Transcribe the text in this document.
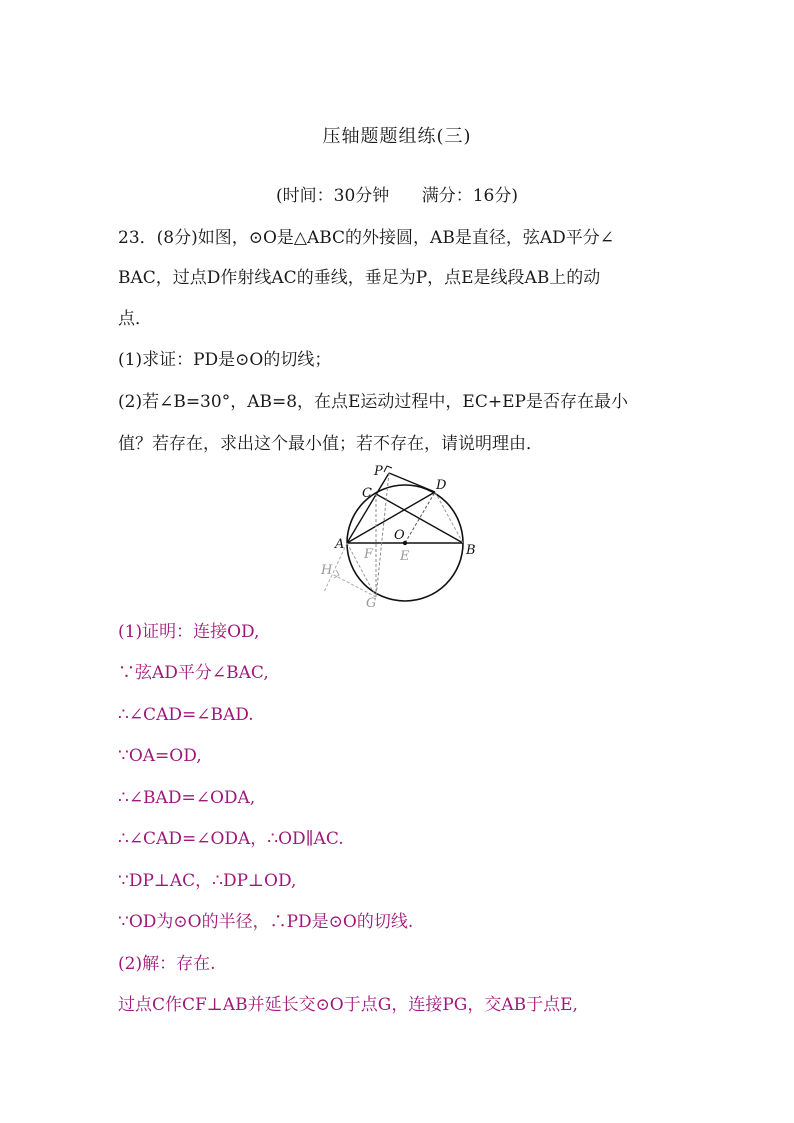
压轴题题组练(三)
(时间：30分钟      满分：16分)
23．(8分)如图，⊙O是△ABC的外接圆，AB是直径，弦AD平分∠
BAC，过点D作射线AC的垂线，垂足为P，点E是线段AB上的动
点．
(1)求证：PD是⊙O的切线；
(2)若∠B=30°，AB=8，在点E运动过程中，EC+EP是否存在最小
值？若存在，求出这个最小值；若不存在，请说明理由．
P
C
D
O
A	B
F E
H
G
(1)证明：连接OD,
∵弦AD平分∠BAC,
∴∠CAD=∠BAD.
∵OA=OD,
∴∠BAD=∠ODA,
∴∠CAD=∠ODA，∴OD∥AC.
∵DP⊥AC，∴DP⊥OD,
∵OD为⊙O的半径，∴PD是⊙O的切线.
(2)解：存在.
过点C作CF⊥AB并延长交⊙O于点G，连接PG，交AB于点E,
